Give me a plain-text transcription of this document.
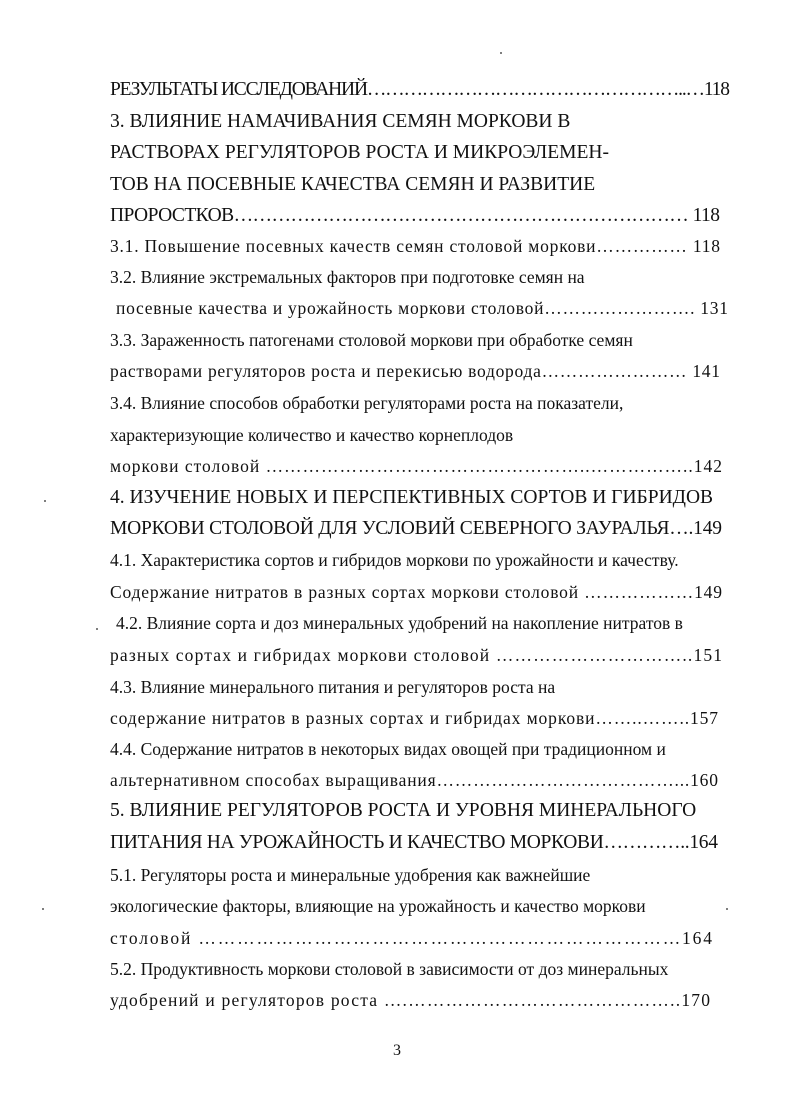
РЕЗУЛЬТАТЫ ИССЛЕДОВАНИЙ……………………………………………..…118
3. ВЛИЯНИЕ НАМАЧИВАНИЯ СЕМЯН МОРКОВИ В
РАСТВОРАХ РЕГУЛЯТОРОВ РОСТА И МИКРОЭЛЕМЕН-
ТОВ НА ПОСЕВНЫЕ КАЧЕСТВА СЕМЯН И РАЗВИТИЕ
ПРОРОСТКОВ……………………………………………………………… 118
3.1. Повышение посевных качеств семян столовой моркови…………… 118
3.2. Влияние экстремальных факторов при подготовке семян на
посевные качества и урожайность моркови столовой……………………. 131
3.3. Зараженность патогенами столовой моркови при обработке семян
растворами регуляторов роста и перекисью водорода…………………… 141
3.4. Влияние способов обработки регуляторами роста на показатели,
характеризующие количество и качество корнеплодов
моркови столовой ……………………………………………..……………..142
4. ИЗУЧЕНИЕ НОВЫХ И ПЕРСПЕКТИВНЫХ СОРТОВ И ГИБРИДОВ
МОРКОВИ СТОЛОВОЙ ДЛЯ УСЛОВИЙ СЕВЕРНОГО ЗАУРАЛЬЯ….149
4.1. Характеристика сортов и гибридов моркови по урожайности и качеству.
Содержание нитратов в разных сортах моркови столовой ………………149
4.2. Влияние сорта и доз минеральных удобрений на накопление нитратов в
разных сортах и гибридах моркови столовой …………………………..151
4.3. Влияние минерального питания и регуляторов роста на
содержание нитратов в разных сортах и гибридах моркови……..……..157
4.4. Содержание нитратов в некоторых видах овощей при традиционном и
альтернативном способах выращивания…………………………………...160
5. ВЛИЯНИЕ РЕГУЛЯТОРОВ РОСТА И УРОВНЯ МИНЕРАЛЬНОГО
ПИТАНИЯ НА УРОЖАЙНОСТЬ И КАЧЕСТВО МОРКОВИ…………..164
5.1. Регуляторы роста и минеральные удобрения как важнейшие
экологические факторы, влияющие на урожайность и качество моркови
столовой …………………………………………………………………164
5.2. Продуктивность моркови столовой в зависимости от доз минеральных
удобрений и регуляторов роста ….……………………………………..170
3
